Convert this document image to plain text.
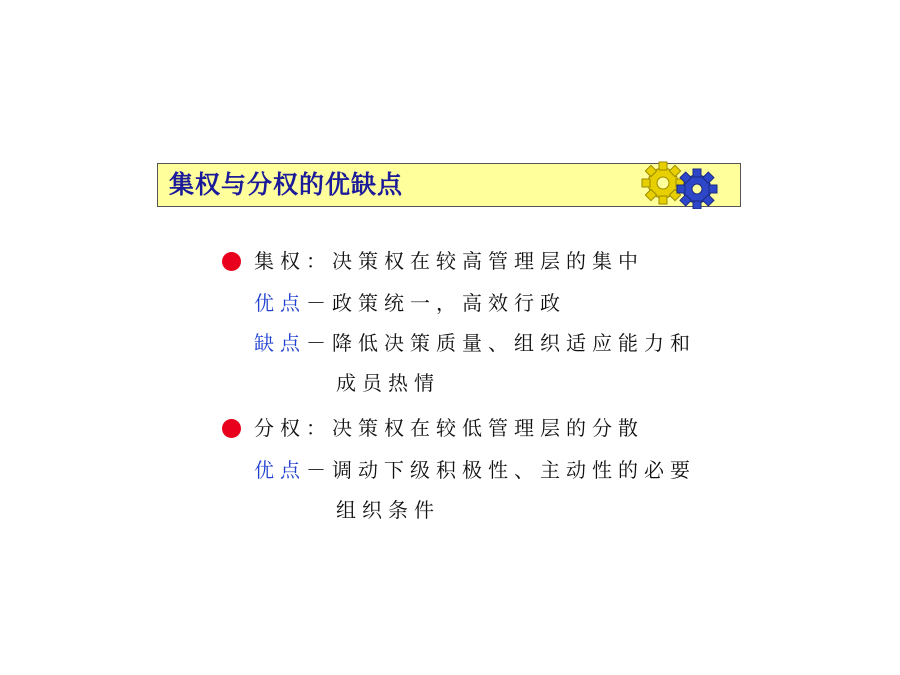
集权与分权的优缺点
集权：决策权在较高管理层的集中
优点－政策统一，高效行政
缺点－降低决策质量、组织适应能力和
成员热情
分权：决策权在较低管理层的分散
优点－调动下级积极性、主动性的必要
组织条件
